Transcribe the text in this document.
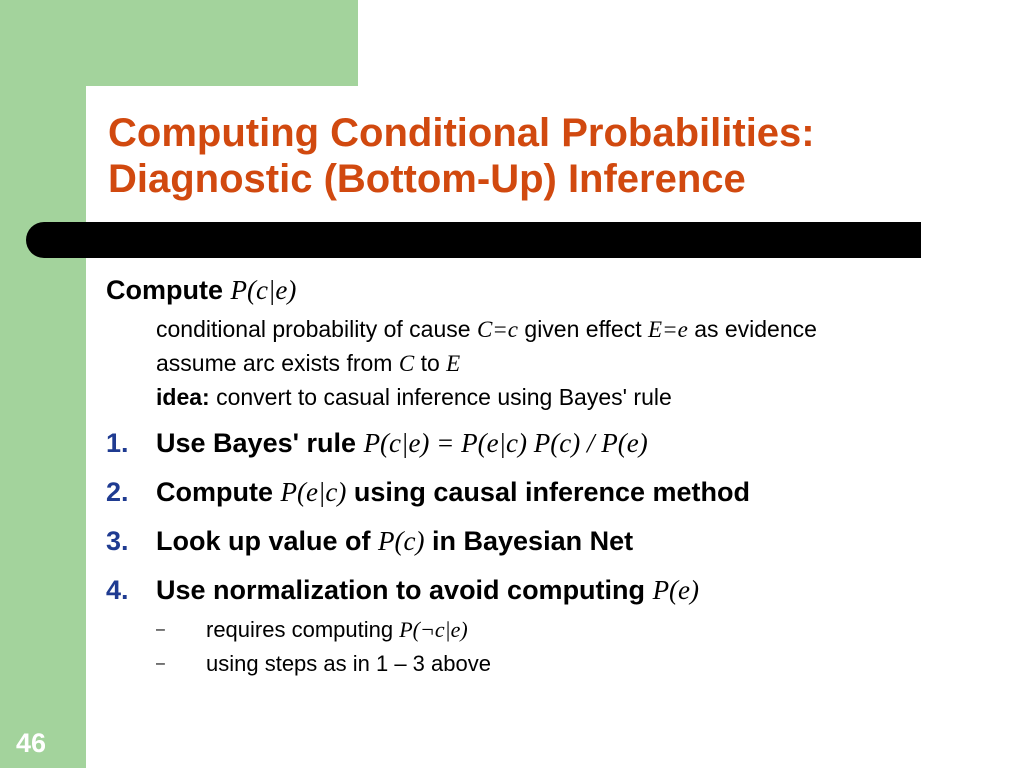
Computing Conditional Probabilities:
Diagnostic (Bottom-Up) Inference
Compute P(c|e)
conditional probability of cause C=c given effect E=e as evidence
assume arc exists from C to E
idea: convert to casual inference using Bayes' rule
1. Use Bayes' rule P(c|e) = P(e|c) P(c) / P(e)
2. Compute P(e|c) using causal inference method
3. Look up value of P(c) in Bayesian Net
4. Use normalization to avoid computing P(e)
– requires computing P(¬c|e)
– using steps as in 1 – 3 above
46
